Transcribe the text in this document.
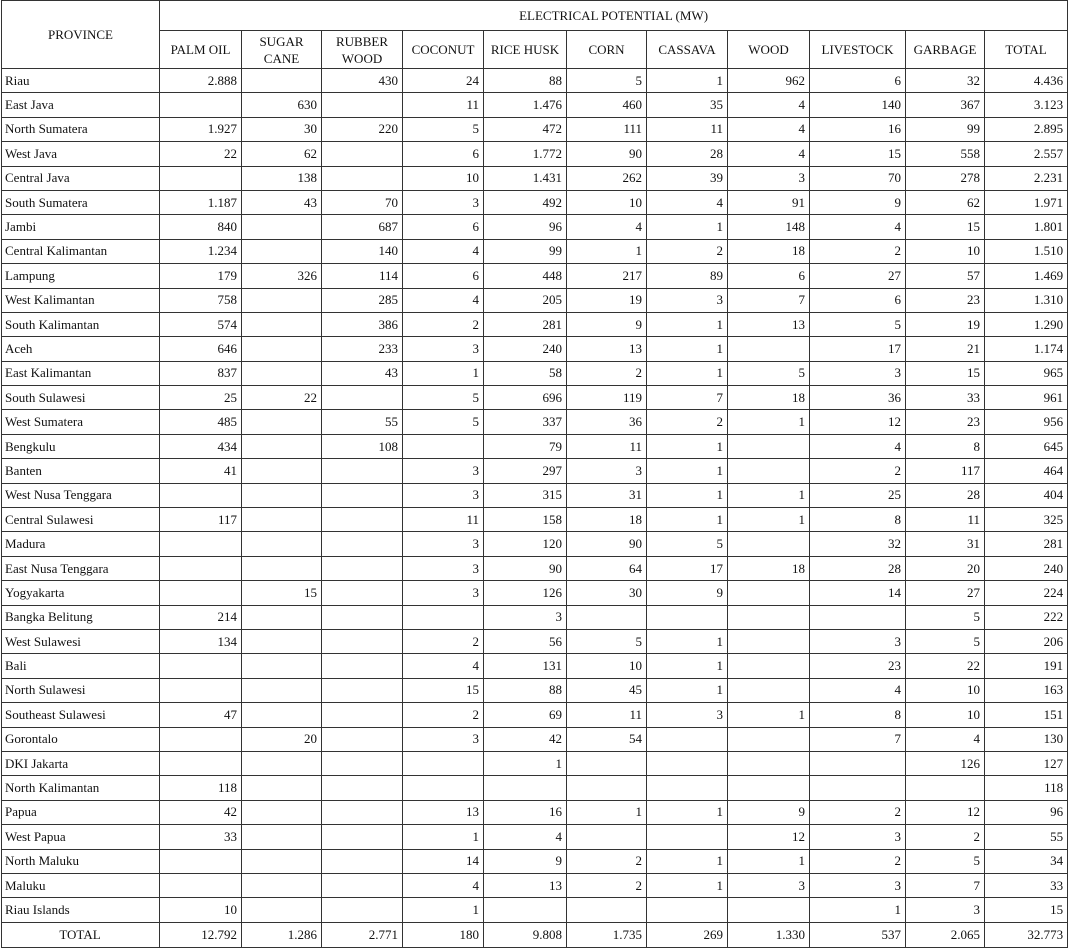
PROVINCE	ELECTRICAL POTENTIAL (MW)										
	PALM OIL	SUGAR CANE	RUBBER WOOD	COCONUT	RICE HUSK	CORN	CASSAVA	WOOD	LIVESTOCK	GARBAGE	TOTAL
Riau	2.888		430	24	88	5	1	962	6	32	4.436
East Java		630		11	1.476	460	35	4	140	367	3.123
North Sumatera	1.927	30	220	5	472	111	11	4	16	99	2.895
West Java	22	62		6	1.772	90	28	4	15	558	2.557
Central Java		138		10	1.431	262	39	3	70	278	2.231
South Sumatera	1.187	43	70	3	492	10	4	91	9	62	1.971
Jambi	840		687	6	96	4	1	148	4	15	1.801
Central Kalimantan	1.234		140	4	99	1	2	18	2	10	1.510
Lampung	179	326	114	6	448	217	89	6	27	57	1.469
West Kalimantan	758		285	4	205	19	3	7	6	23	1.310
South Kalimantan	574		386	2	281	9	1	13	5	19	1.290
Aceh	646		233	3	240	13	1		17	21	1.174
East Kalimantan	837		43	1	58	2	1	5	3	15	965
South Sulawesi	25	22		5	696	119	7	18	36	33	961
West Sumatera	485		55	5	337	36	2	1	12	23	956
Bengkulu	434		108		79	11	1		4	8	645
Banten	41			3	297	3	1		2	117	464
West Nusa Tenggara				3	315	31	1	1	25	28	404
Central Sulawesi	117			11	158	18	1	1	8	11	325
Madura				3	120	90	5		32	31	281
East Nusa Tenggara				3	90	64	17	18	28	20	240
Yogyakarta		15		3	126	30	9		14	27	224
Bangka Belitung	214				3					5	222
West Sulawesi	134			2	56	5	1		3	5	206
Bali				4	131	10	1		23	22	191
North Sulawesi				15	88	45	1		4	10	163
Southeast Sulawesi	47			2	69	11	3	1	8	10	151
Gorontalo		20		3	42	54			7	4	130
DKI Jakarta					1					126	127
North Kalimantan	118										118
Papua	42			13	16	1	1	9	2	12	96
West Papua	33			1	4			12	3	2	55
North Maluku				14	9	2	1	1	2	5	34
Maluku				4	13	2	1	3	3	7	33
Riau Islands	10			1					1	3	15
TOTAL	12.792	1.286	2.771	180	9.808	1.735	269	1.330	537	2.065	32.773
